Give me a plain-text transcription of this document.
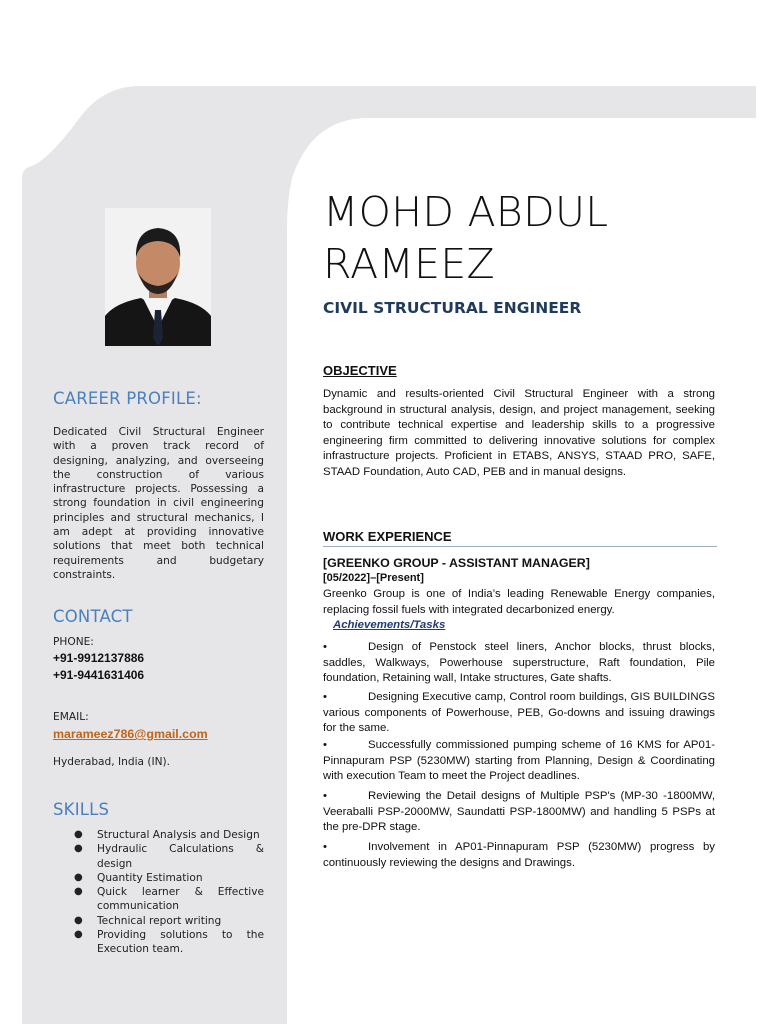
CAREER PROFILE:
Dedicated Civil Structural Engineer with a proven track record of designing, analyzing, and overseeing the construction of various infrastructure projects. Possessing a strong foundation in civil engineering principles and structural mechanics, I am adept at providing innovative solutions that meet both technical requirements and budgetary constraints.
CONTACT
PHONE:
+91-9912137886
+91-9441631406
EMAIL:
marameez786@gmail.com
Hyderabad, India (IN).
SKILLS
● Structural Analysis and Design
● Hydraulic Calculations & design
● Quantity Estimation
● Quick learner & Effective communication
● Technical report writing
● Providing solutions to the Execution team.
MOHD ABDUL
RAMEEZ
CIVIL STRUCTURAL ENGINEER
OBJECTIVE
Dynamic and results-oriented Civil Structural Engineer with a strong background in structural analysis, design, and project management, seeking to contribute technical expertise and leadership skills to a progressive engineering firm committed to delivering innovative solutions for complex infrastructure projects. Proficient in ETABS, ANSYS, STAAD PRO, SAFE, STAAD Foundation, Auto CAD, PEB and in manual designs.
WORK EXPERIENCE
[GREENKO GROUP - ASSISTANT MANAGER]
[05/2022]–[Present]
Greenko Group is one of India’s leading Renewable Energy companies, replacing fossil fuels with integrated decarbonized energy.
Achievements/Tasks
•	Design of Penstock steel liners, Anchor blocks, thrust blocks, saddles, Walkways, Powerhouse superstructure, Raft foundation, Pile foundation, Retaining wall, Intake structures, Gate shafts.
•	Designing Executive camp, Control room buildings, GIS BUILDINGS various components of Powerhouse, PEB, Go-downs and issuing drawings for the same.
•	Successfully commissioned pumping scheme of 16 KMS for AP01-Pinnapuram PSP (5230MW) starting from Planning, Design & Coordinating with execution Team to meet the Project deadlines.
•	Reviewing the Detail designs of Multiple PSP's (MP-30 -1800MW, Veeraballi PSP-2000MW, Saundatti PSP-1800MW) and handling 5 PSPs at the pre-DPR stage.
•	Involvement in AP01-Pinnapuram PSP (5230MW) progress by continuously reviewing the designs and Drawings.
